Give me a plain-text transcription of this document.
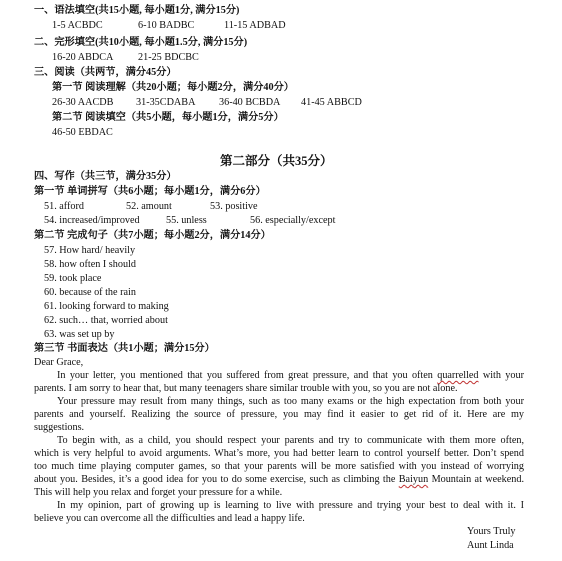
一、语法填空(共15小题, 每小题1分, 满分15分)
1-5 ACBDC	6-10 BADBC	11-15 ADBAD
二、完形填空(共10小题, 每小题1.5分, 满分15分)
16-20 ABDCA 21-25 BDCBC
三、阅读（共两节，满分45分）
第一节 阅读理解（共20小题；每小题2分，满分40分）
26-30 AACDB 31-35CDABA 36-40 BCBDA 41-45 ABBCD
第二节 阅读填空（共5小题，每小题1分，满分5分）
46-50 EBDAC
第二部分（共35分）
四、写作（共三节，满分35分）
第一节 单词拼写（共6小题；每小题1分，满分6分）
51. afford	52. amount	53. positive
54. increased/improved	55. unless	56. especially/except
第二节 完成句子（共7小题；每小题2分，满分14分）
57. How hard/ heavily
58. how often I should
59. took place
60. because of the rain
61. looking forward to making
62. such… that, worried about
63. was set up by
第三节 书面表达（共1小题；满分15分）
Dear Grace,
In your letter, you mentioned that you suffered from great pressure, and that you often quarrelled with your
parents. I am sorry to hear that, but many teenagers share similar trouble with you, so you are not alone.
Your pressure may result from many things, such as too many exams or the high expectation from both your
parents and yourself. Realizing the source of pressure, you may find it easier to get rid of it. Here are my
suggestions.
To begin with, as a child, you should respect your parents and try to communicate with them more often,
which is very helpful to avoid arguments. What’s more, you had better learn to control yourself better. Don’t spend
too much time playing computer games, so that your parents will be more satisfied with you instead of worrying
about you. Besides, it’s a good idea for you to do some exercise, such as climbing the Baiyun Mountain at weekend.
This will help you relax and forget your pressure for a while.
In my opinion, part of growing up is learning to live with pressure and trying your best to deal with it. I
believe you can overcome all the difficulties and lead a happy life.
Yours Truly
Aunt Linda
